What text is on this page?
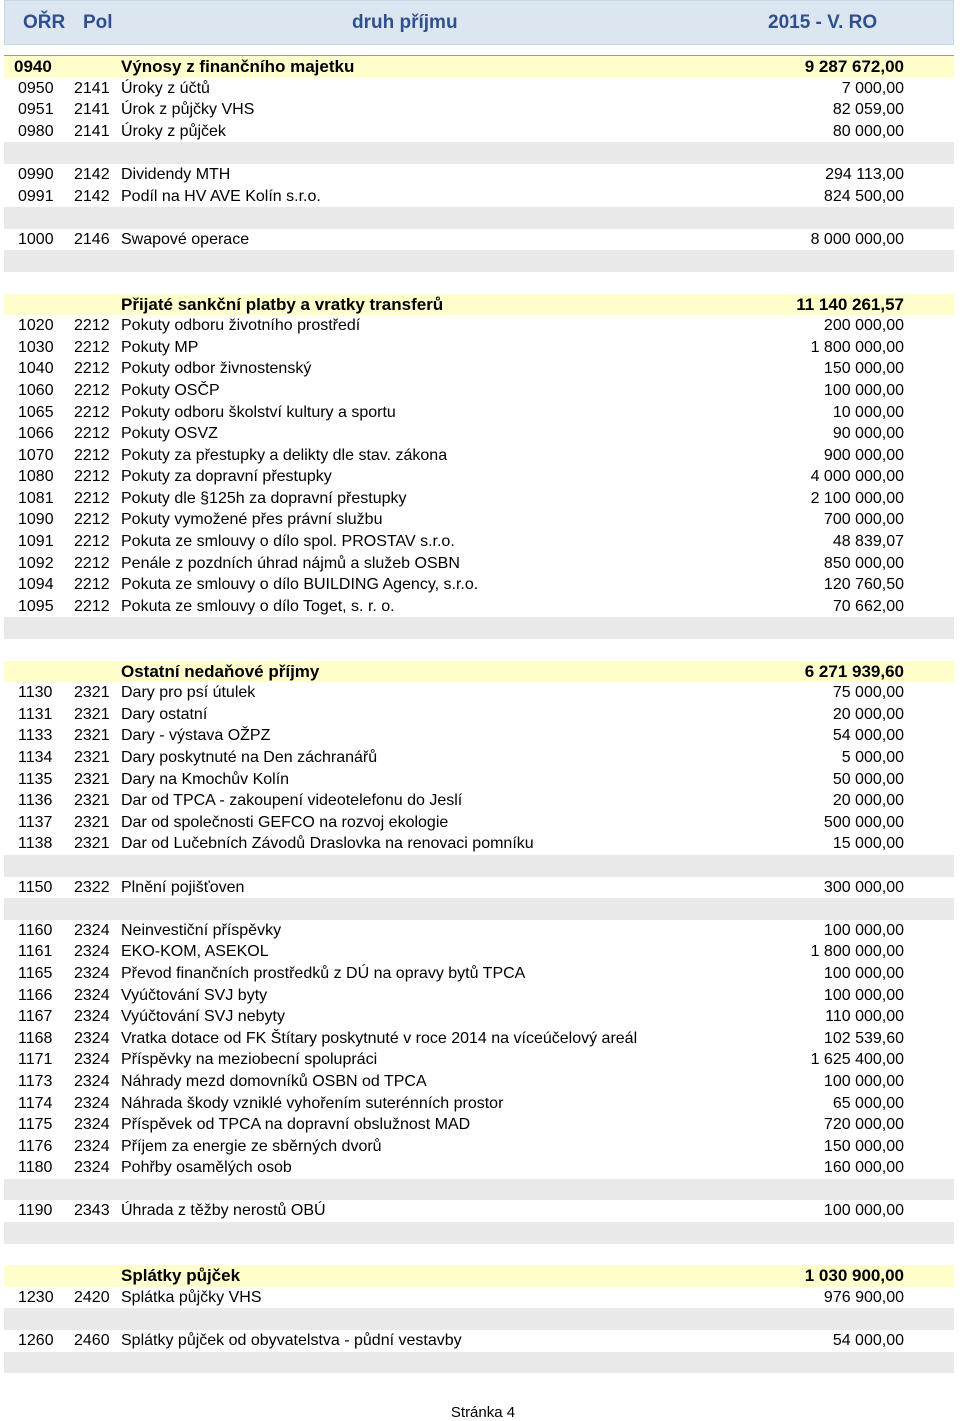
OŘR Pol	druh příjmu	2015 - V. RO
0940	Výnosy z finančního majetku	9 287 672,00
0950 2141 Úroky z účtů	7 000,00
0951 2141 Úrok z půjčky VHS	82 059,00
0980 2141 Úroky z půjček	80 000,00
0990 2142 Dividendy MTH	294 113,00
0991 2142 Podíl na HV AVE Kolín s.r.o.	824 500,00
1000 2146 Swapové operace	8 000 000,00
Přijaté sankční platby a vratky transferů	11 140 261,57
1020 2212 Pokuty odboru životního prostředí	200 000,00
1030 2212 Pokuty MP	1 800 000,00
1040 2212 Pokuty odbor živnostenský	150 000,00
1060 2212 Pokuty OSČP	100 000,00
1065 2212 Pokuty odboru školství kultury a sportu	10 000,00
1066 2212 Pokuty OSVZ	90 000,00
1070 2212 Pokuty za přestupky a delikty dle stav. zákona	900 000,00
1080 2212 Pokuty za dopravní přestupky	4 000 000,00
1081 2212 Pokuty dle §125h za dopravní přestupky	2 100 000,00
1090 2212 Pokuty vymožené přes právní službu	700 000,00
1091 2212 Pokuta ze smlouvy o dílo spol. PROSTAV s.r.o.	48 839,07
1092 2212 Penále z pozdních úhrad nájmů a služeb OSBN	850 000,00
1094 2212 Pokuta ze smlouvy o dílo BUILDING Agency, s.r.o.	120 760,50
1095 2212 Pokuta ze smlouvy o dílo Toget, s. r. o.	70 662,00
Ostatní nedaňové příjmy	6 271 939,60
1130 2321 Dary pro psí útulek	75 000,00
1131 2321 Dary ostatní	20 000,00
1133 2321 Dary - výstava OŽPZ	54 000,00
1134 2321 Dary poskytnuté na Den záchranářů	5 000,00
1135 2321 Dary na Kmochův Kolín	50 000,00
1136 2321 Dar od TPCA - zakoupení videotelefonu do Jeslí	20 000,00
1137 2321 Dar od společnosti GEFCO na rozvoj ekologie	500 000,00
1138 2321 Dar od Lučebních Závodů Draslovka na renovaci pomníku	15 000,00
1150 2322 Plnění pojišťoven	300 000,00
1160 2324 Neinvestiční příspěvky	100 000,00
1161 2324 EKO-KOM, ASEKOL	1 800 000,00
1165 2324 Převod finančních prostředků z DÚ na opravy bytů TPCA	100 000,00
1166 2324 Vyúčtování SVJ byty	100 000,00
1167 2324 Vyúčtování SVJ nebyty	110 000,00
1168 2324 Vratka dotace od FK Štítary poskytnuté v roce 2014 na víceúčelový areál	102 539,60
1171 2324 Příspěvky na meziobecní spolupráci	1 625 400,00
1173 2324 Náhrady mezd domovníků OSBN od TPCA	100 000,00
1174 2324 Náhrada škody vzniklé vyhořením suterénních prostor	65 000,00
1175 2324 Příspěvek od TPCA na dopravní obslužnost MAD	720 000,00
1176 2324 Příjem za energie ze sběrných dvorů	150 000,00
1180 2324 Pohřby osamělých osob	160 000,00
1190 2343 Úhrada z těžby nerostů OBÚ	100 000,00
Splátky půjček	1 030 900,00
1230 2420 Splátka půjčky VHS	976 900,00
1260 2460 Splátky půjček od obyvatelstva - půdní vestavby	54 000,00
Stránka 4
